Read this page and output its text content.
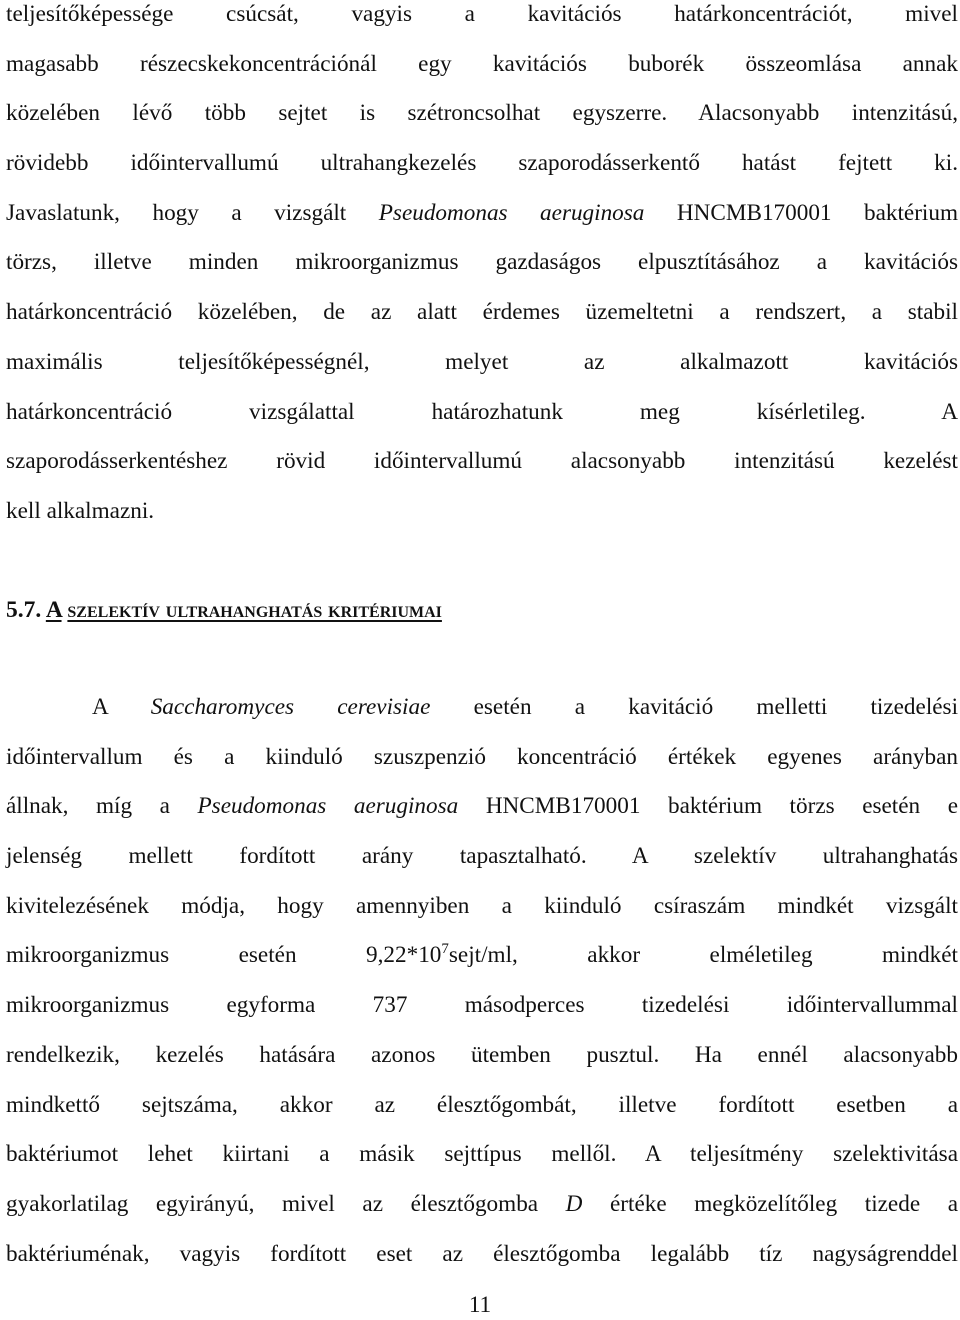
teljesítőképessége csúcsát, vagyis a kavitációs határkoncentrációt, mivel
magasabb részecskekoncentrációnál egy kavitációs buborék összeomlása annak
közelében lévő több sejtet is szétroncsolhat egyszerre. Alacsonyabb intenzitású,
rövidebb időintervallumú ultrahangkezelés szaporodásserkentő hatást fejtett ki.
Javaslatunk, hogy a vizsgált Pseudomonas aeruginosa HNCMB170001 baktérium
törzs, illetve minden mikroorganizmus gazdaságos elpusztításához a kavitációs
határkoncentráció közelében, de az alatt érdemes üzemeltetni a rendszert, a stabil
maximális teljesítőképességnél, melyet az alkalmazott kavitációs
határkoncentráció vizsgálattal határozhatunk meg kísérletileg. A
szaporodásserkentéshez rövid időintervallumú alacsonyabb intenzitású kezelést
kell alkalmazni.
5.7. A szelektív ultrahanghatás kritériumai
A Saccharomyces cerevisiae esetén a kavitáció melletti tizedelési
időintervallum és a kiinduló szuszpenzió koncentráció értékek egyenes arányban
állnak, míg a Pseudomonas aeruginosa HNCMB170001 baktérium törzs esetén e
jelenség mellett fordított arány tapasztalható. A szelektív ultrahanghatás
kivitelezésének módja, hogy amennyiben a kiinduló csíraszám mindkét vizsgált
mikroorganizmus esetén $9,22*10^7sejt/ml$, akkor elméletileg mindkét
mikroorganizmus egyforma 737 másodperces tizedelési időintervallummal
rendelkezik, kezelés hatására azonos ütemben pusztul. Ha ennél alacsonyabb
mindkettő sejtszáma, akkor az élesztőgombát, illetve fordított esetben a
baktériumot lehet kiirtani a másik sejttípus mellől. A teljesítmény szelektivitása
gyakorlatilag egyirányú, mivel az élesztőgomba D értéke megközelítőleg tizede a
baktériuménak, vagyis fordított eset az élesztőgomba legalább tíz nagyságrenddel
11
